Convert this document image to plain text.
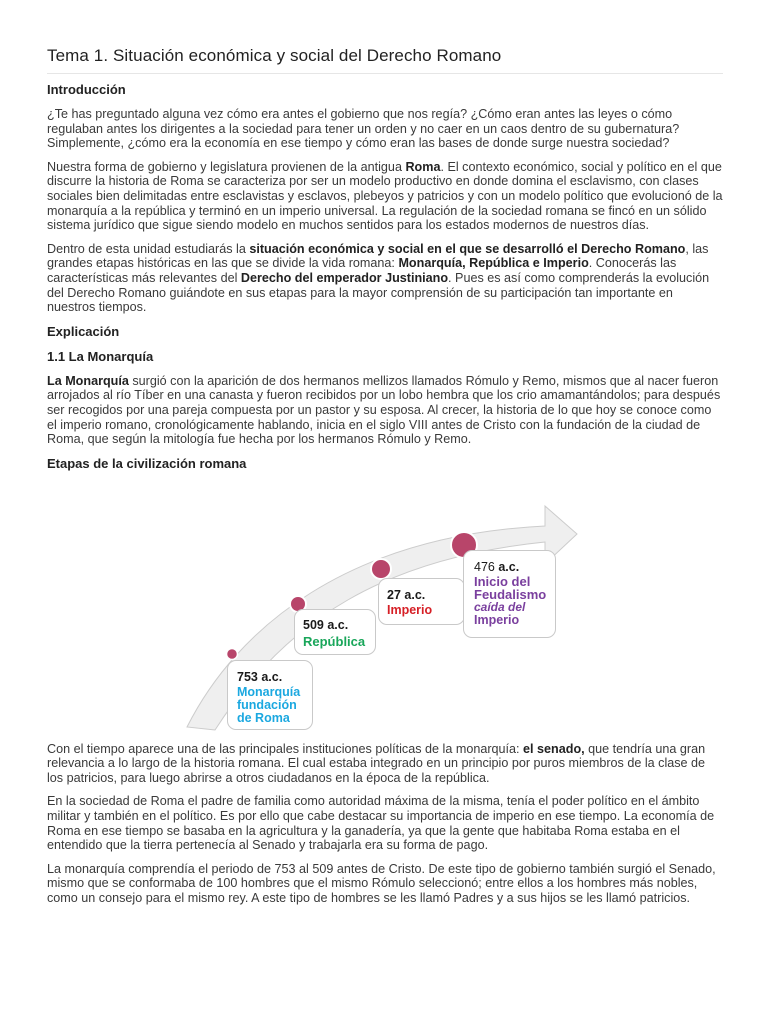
Tema 1. Situación económica y social del Derecho Romano
Introducción

¿Te has preguntado alguna vez cómo era antes el gobierno que nos regía? ¿Cómo eran antes las leyes o cómo regulaban antes los dirigentes a la sociedad para tener un orden y no caer en un caos dentro de su gubernatura? Simplemente, ¿cómo era la economía en ese tiempo y cómo eran las bases de donde surge nuestra sociedad?

Nuestra forma de gobierno y legislatura provienen de la antigua Roma. El contexto económico, social y político en el que discurre la historia de Roma se caracteriza por ser un modelo productivo en donde domina el esclavismo, con clases sociales bien delimitadas entre esclavistas y esclavos, plebeyos y patricios y con un modelo político que evolucionó de la monarquía a la república y terminó en un imperio universal. La regulación de la sociedad romana se fincó en un sólido sistema jurídico que sigue siendo modelo en muchos sentidos para los estados modernos de nuestros días.

Dentro de esta unidad estudiarás la situación económica y social en el que se desarrolló el Derecho Romano, las grandes etapas históricas en las que se divide la vida romana: Monarquía, República e Imperio. Conocerás las características más relevantes del Derecho del emperador Justiniano. Pues es así como comprenderás la evolución del Derecho Romano guiándote en sus etapas para la mayor comprensión de su participación tan importante en nuestros tiempos.

Explicación
1.1 La Monarquía

La Monarquía surgió con la aparición de dos hermanos mellizos llamados Rómulo y Remo, mismos que al nacer fueron arrojados al río Tíber en una canasta y fueron recibidos por un lobo hembra que los crio amamantándolos; para después ser recogidos por una pareja compuesta por un pastor y su esposa. Al crecer, la historia de lo que hoy se conoce como el imperio romano, cronológicamente hablando, inicia en el siglo VIII antes de Cristo con la fundación de la ciudad de Roma, que según la mitología fue hecha por los hermanos Rómulo y Remo.

Etapas de la civilización romana
753 a.c.
Monarquía
fundación
de Roma
509 a.c.
República
27 a.c.
Imperio
476 a.c.
Inicio del
Feudalismo
caída del
Imperio

Con el tiempo aparece una de las principales instituciones políticas de la monarquía: el senado, que tendría una gran relevancia a lo largo de la historia romana. El cual estaba integrado en un principio por puros miembros de la clase de los patricios, para luego abrirse a otros ciudadanos en la época de la república.

En la sociedad de Roma el padre de familia como autoridad máxima de la misma, tenía el poder político en el ámbito militar y también en el político. Es por ello que cabe destacar su importancia de imperio en ese tiempo. La economía de Roma en ese tiempo se basaba en la agricultura y la ganadería, ya que la gente que habitaba Roma estaba en el entendido que la tierra pertenecía al Senado y trabajarla era su forma de pago.

La monarquía comprendía el periodo de 753 al 509 antes de Cristo. De este tipo de gobierno también surgió el Senado, mismo que se conformaba de 100 hombres que el mismo Rómulo seleccionó; entre ellos a los hombres más nobles, como un consejo para el mismo rey. A este tipo de hombres se les llamó Padres y a sus hijos se les llamó patricios.
